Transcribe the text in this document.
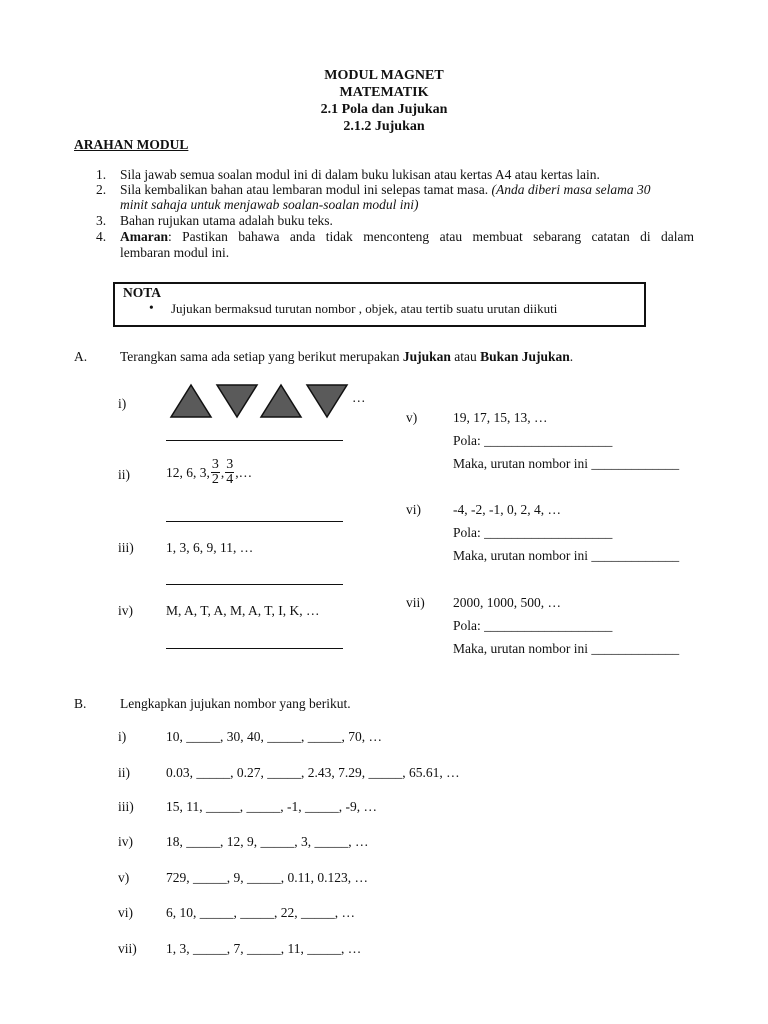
MODUL MAGNET
MATEMATIK
2.1 Pola dan Jujukan
2.1.2 Jujukan
ARAHAN MODUL
1. Sila jawab semua soalan modul ini di dalam buku lukisan atau kertas A4 atau kertas lain.
2. Sila kembalikan bahan atau lembaran modul ini selepas tamat masa. (Anda diberi masa selama 30
minit sahaja untuk menjawab soalan-soalan modul ini)
3. Bahan rujukan utama adalah buku teks.
4. Amaran : Pastikan bahawa anda tidak menconteng atau membuat sebarang catatan di dalam
lembaran modul ini.
NOTA
• Jujukan bermaksud turutan nombor , objek, atau tertib suatu urutan diikuti
A. Terangkan sama ada setiap yang berikut merupakan Jujukan atau Bukan Jujukan.
i)	…
ii)	12, 6, 3, $\frac{3}{2}$ , $\frac{3}{4}$ ,…
iii) 1, 3, 6, 9, 11, …
iv) M, A, T, A, M, A, T, I, K, …
v)	19, 17, 15, 13, …
Pola: ___________________
Maka, urutan nombor ini _____________
vi) -4, -2, -1, 0, 2, 4, …
Pola: ___________________
Maka, urutan nombor ini _____________
vii) 2000, 1000, 500, …
Pola: ___________________
Maka, urutan nombor ini _____________
B. Lengkapkan jujukan nombor yang berikut.
i)	10, _____, 30, 40, _____, _____, 70, …
ii)	0.03, _____, 0.27, _____, 2.43, 7.29, _____, 65.61, …
iii) 15, 11, _____, _____, -1, _____, -9, …
iv) 18, _____, 12, 9, _____, 3, _____, …
v)	729, _____, 9, _____, 0.11, 0.123, …
vi) 6, 10, _____, _____, 22, _____, …
vii) 1, 3, _____, 7, _____, 11, _____, …
